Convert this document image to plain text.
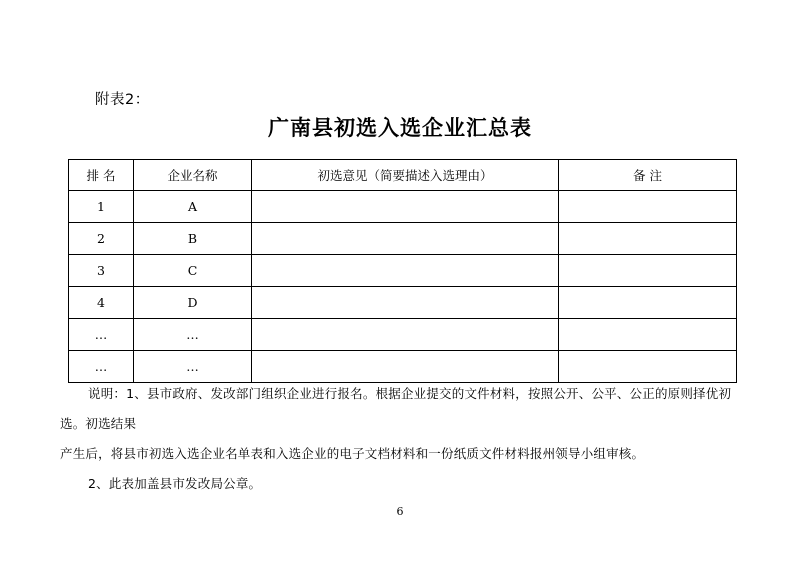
附表2：
广南县初选入选企业汇总表
排 名	企业名称	初选意见（简要描述入选理由）	备 注
1	A		
2	B		
3	C		
4	D		
…	…		
…	…		
说明：1、县市政府、发改部门组织企业进行报名。根据企业提交的文件材料，按照公开、公平、公正的原则择优初选。初选结果
产生后，将县市初选入选企业名单表和入选企业的电子文档材料和一份纸质文件材料报州领导小组审核。
2、此表加盖县市发改局公章。
6
